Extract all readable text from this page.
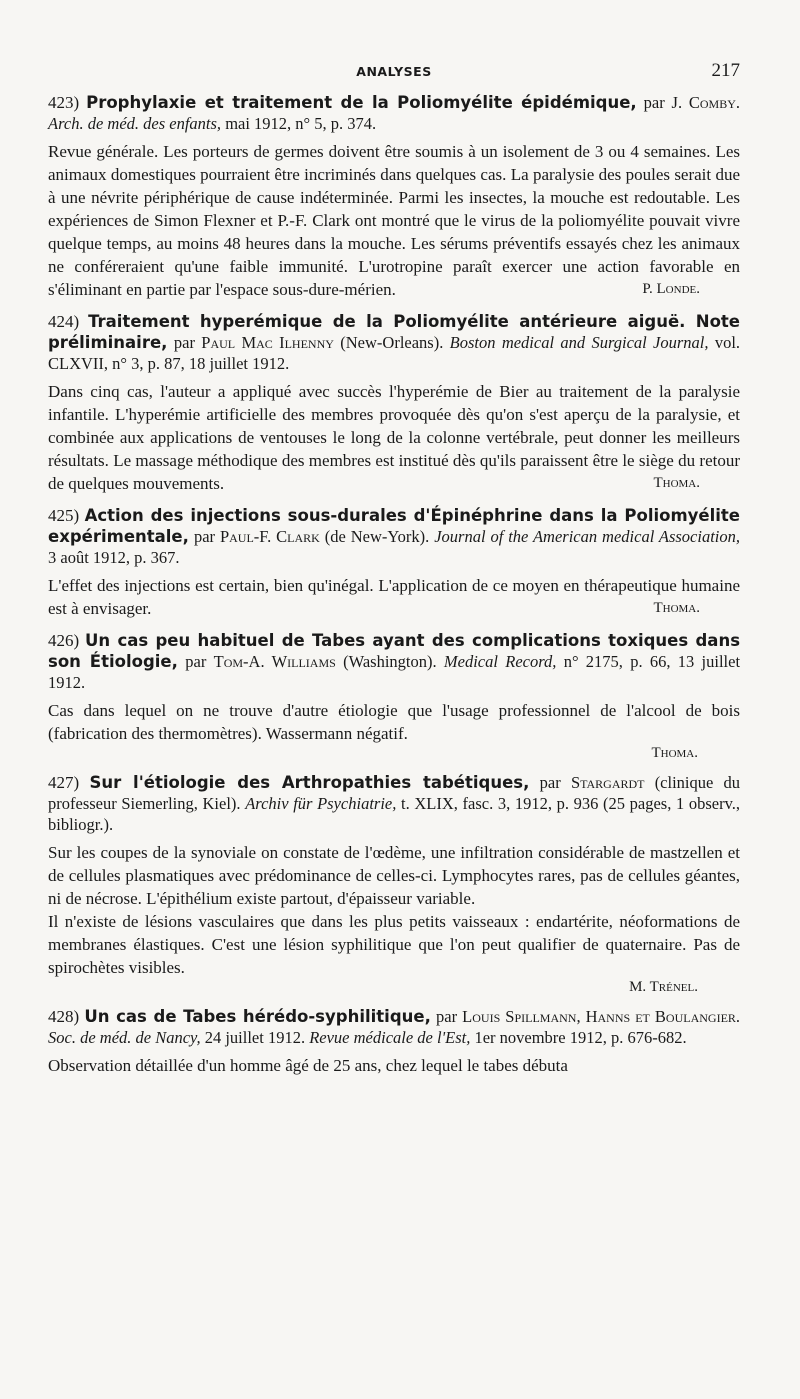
ANALYSES	217
423) Prophylaxie et traitement de la Poliomyélite épidémique, par J. Comby. Arch. de méd. des enfants, mai 1912, n° 5, p. 374.

Revue générale. Les porteurs de germes doivent être soumis à un isolement de 3 ou 4 semaines. Les animaux domestiques pourraient être incriminés dans quelques cas. La paralysie des poules serait due à une névrite périphérique de cause indéterminée. Parmi les insectes, la mouche est redoutable. Les expériences de Simon Flexner et P.-F. Clark ont montré que le virus de la poliomyélite pouvait vivre quelque temps, au moins 48 heures dans la mouche. Les sérums préventifs essayés chez les animaux ne conféreraient qu'une faible immunité. L'urotropine paraît exercer une action favorable en s'éliminant en partie par l'espace sous-dure-mérien.	P. Londe.

424) Traitement hyperémique de la Poliomyélite antérieure aiguë. Note préliminaire, par Paul Mac Ilhenny (New-Orleans). Boston medical and Surgical Journal, vol. CLXVII, n° 3, p. 87, 18 juillet 1912.

Dans cinq cas, l'auteur a appliqué avec succès l'hyperémie de Bier au traitement de la paralysie infantile. L'hyperémie artificielle des membres provoquée dès qu'on s'est aperçu de la paralysie, et combinée aux applications de ventouses le long de la colonne vertébrale, peut donner les meilleurs résultats. Le massage méthodique des membres est institué dès qu'ils paraissent être le siège du retour de quelques mouvements.	Thoma.

425) Action des injections sous-durales d'Épinéphrine dans la Poliomyélite expérimentale, par Paul-F. Clark (de New-York). Journal of the American medical Association, 3 août 1912, p. 367.

L'effet des injections est certain, bien qu'inégal. L'application de ce moyen en thérapeutique humaine est à envisager.	Thoma.

426) Un cas peu habituel de Tabes ayant des complications toxiques dans son Étiologie, par Tom-A. Williams (Washington). Medical Record, n° 2175, p. 66, 13 juillet 1912.

Cas dans lequel on ne trouve d'autre étiologie que l'usage professionnel de l'alcool de bois (fabrication des thermomètres). Wassermann négatif.

Thoma.
427) Sur l'étiologie des Arthropathies tabétiques, par Stargardt (clinique du professeur Siemerling, Kiel). Archiv für Psychiatrie, t. XLIX, fasc. 3, 1912, p. 936 (25 pages, 1 observ., bibliogr.).

Sur les coupes de la synoviale on constate de l'œdème, une infiltration considérable de mastzellen et de cellules plasmatiques avec prédominance de celles-ci. Lymphocytes rares, pas de cellules géantes, ni de nécrose. L'épithélium existe partout, d'épaisseur variable.

Il n'existe de lésions vasculaires que dans les plus petits vaisseaux : endartérite, néoformations de membranes élastiques. C'est une lésion syphilitique que l'on peut qualifier de quaternaire. Pas de spirochètes visibles.

M. Trénel.
428) Un cas de Tabes hérédo-syphilitique, par Louis Spillmann, Hanns et Boulangier. Soc. de méd. de Nancy, 24 juillet 1912. Revue médicale de l'Est, 1er novembre 1912, p. 676-682.

Observation détaillée d'un homme âgé de 25 ans, chez lequel le tabes débuta
